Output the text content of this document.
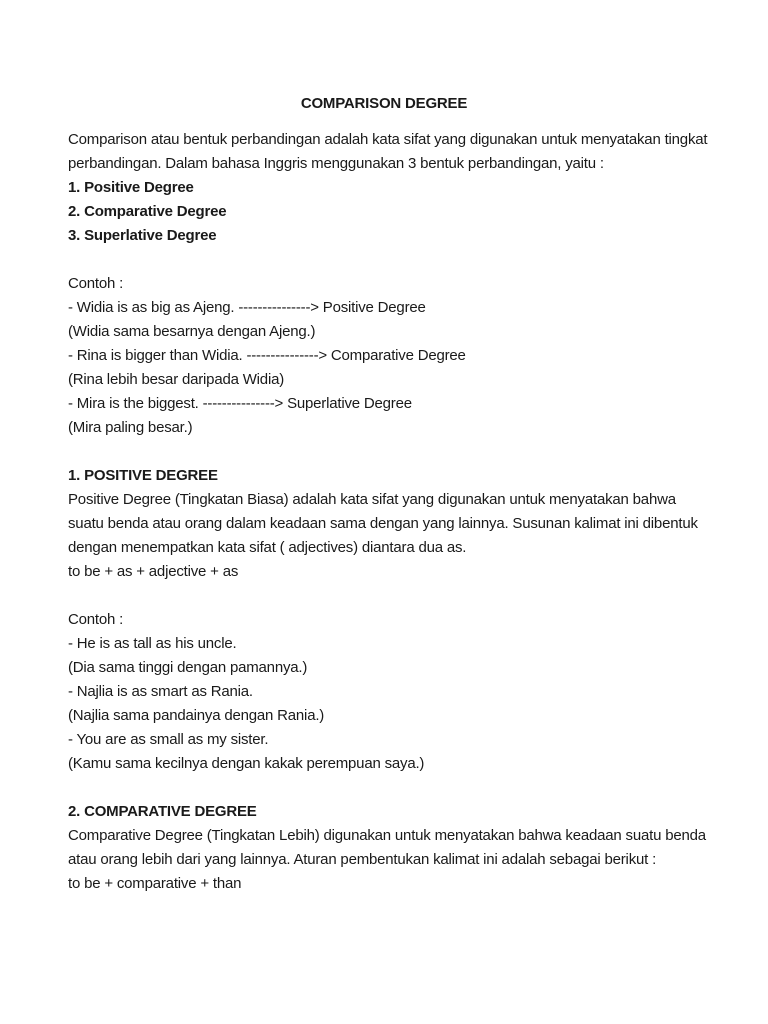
COMPARISON DEGREE
Comparison atau bentuk perbandingan adalah kata sifat yang digunakan untuk menyatakan tingkat
perbandingan. Dalam bahasa Inggris menggunakan 3 bentuk perbandingan, yaitu :
1. Positive Degree
2. Comparative Degree
3. Superlative Degree
Contoh :
- Widia is as big as Ajeng. ---------------> Positive Degree
(Widia sama besarnya dengan Ajeng.)
- Rina is bigger than Widia. ---------------> Comparative Degree
(Rina lebih besar daripada Widia)
- Mira is the biggest. ---------------> Superlative Degree
(Mira paling besar.)
1. POSITIVE DEGREE
Positive Degree (Tingkatan Biasa) adalah kata sifat yang digunakan untuk menyatakan bahwa
suatu benda atau orang dalam keadaan sama dengan yang lainnya. Susunan kalimat ini dibentuk
dengan menempatkan kata sifat ( adjectives) diantara dua as.
to be + as + adjective + as
Contoh :
- He is as tall as his uncle.
(Dia sama tinggi dengan pamannya.)
- Najlia is as smart as Rania.
(Najlia sama pandainya dengan Rania.)
- You are as small as my sister.
(Kamu sama kecilnya dengan kakak perempuan saya.)
2. COMPARATIVE DEGREE
Comparative Degree (Tingkatan Lebih) digunakan untuk menyatakan bahwa keadaan suatu benda
atau orang lebih dari yang lainnya. Aturan pembentukan kalimat ini adalah sebagai berikut :
to be + comparative + than
